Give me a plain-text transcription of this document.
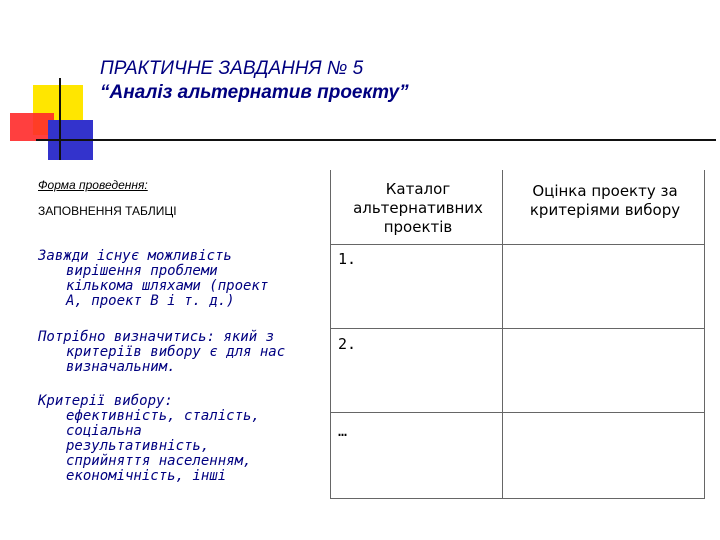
ПРАКТИЧНЕ ЗАВДАННЯ № 5
“Аналіз альтернатив проекту”
Форма проведення:
ЗАПОВНЕННЯ ТАБЛИЦІ
Завжди існує можливість
вирішення проблеми
кількома шляхами (проект
А, проект В і т. д.)
Потрібно визначитись: який з
критеріїв вибору є для нас
визначальним.
Критерії вибору:
ефективність, сталість,
соціальна
результативність,
сприйняття населенням,
економічність, інші
Каталог альтернативних проектів
Оцінка проекту за критеріями вибору
1.
2.
…
